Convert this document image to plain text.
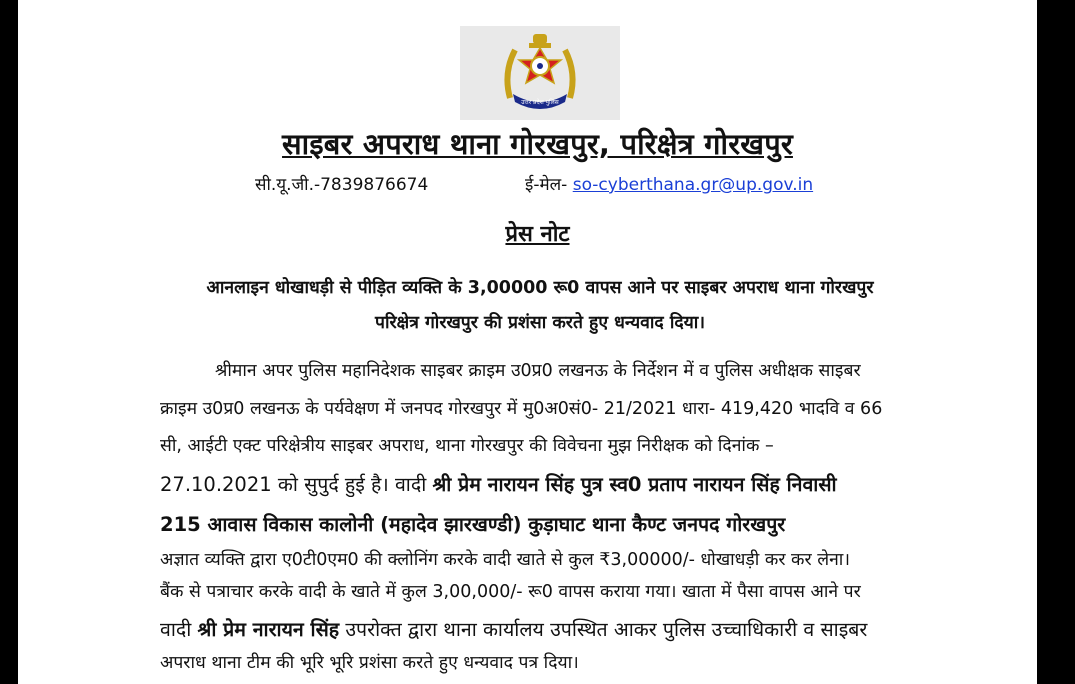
उत्तर प्रदेश पुलिस
साइबर अपराध थाना गोरखपुर, परिक्षेत्र गोरखपुर
सी.यू.जी.-7839876674	ई-मेल- so-cyberthana.gr@up.gov.in
प्रेस नोट
आनलाइन धोखाधड़ी से पीड़ित व्यक्ति के 3,00000 रू0 वापस आने पर साइबर अपराध थाना गोरखपुर
परिक्षेत्र गोरखपुर की प्रशंसा करते हुए धन्यवाद दिया।
श्रीमान अपर पुलिस महानिदेशक साइबर क्राइम उ0प्र0 लखनऊ के निर्देशन में व पुलिस अधीक्षक साइबर
क्राइम उ0प्र0 लखनऊ के पर्यवेक्षण में जनपद गोरखपुर में मु0अ0सं0- 21/2021 धारा- 419,420 भादवि व 66
सी, आईटी एक्ट परिक्षेत्रीय साइबर अपराध, थाना गोरखपुर की विवेचना मुझ निरीक्षक को दिनांक –
27.10.2021 को सुपुर्द हुई है। वादी श्री प्रेम नारायन सिंह पुत्र स्व0 प्रताप नारायन सिंह निवासी
215 आवास विकास कालोनी (महादेव झारखण्डी) कुड़ाघाट थाना कैण्ट जनपद गोरखपुर
अज्ञात व्यक्ति द्वारा ए0टी0एम0 की क्लोनिंग करके वादी खाते से कुल ₹3,00000/- धोखाधड़ी कर कर लेना।
बैंक से पत्राचार करके वादी के खाते में कुल 3,00,000/- रू0 वापस कराया गया। खाता में पैसा वापस आने पर
वादी श्री प्रेम नारायन सिंह उपरोक्त द्वारा थाना कार्यालय उपस्थित आकर पुलिस उच्चाधिकारी व साइबर
अपराध थाना टीम की भूरि भूरि प्रशंसा करते हुए धन्यवाद पत्र दिया।
